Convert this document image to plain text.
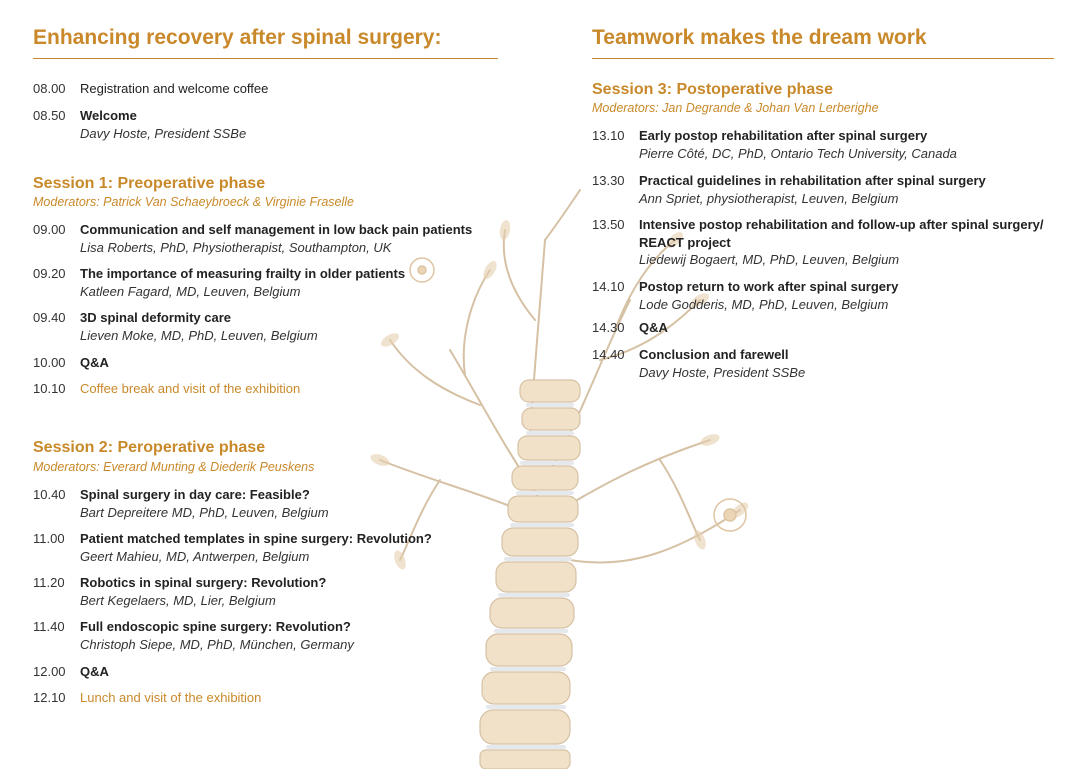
Enhancing recovery after spinal surgery:
08.00	Registration and welcome coffee
08.50	Welcome
Davy Hoste, President SSBe
Session 1: Preoperative phase
Moderators: Patrick Van Schaeybroeck & Virginie Fraselle
09.00	Communication and self management in low back pain patients
Lisa Roberts, PhD, Physiotherapist, Southampton, UK
09.20	The importance of measuring frailty in older patients
Katleen Fagard, MD, Leuven, Belgium
09.40	3D spinal deformity care
Lieven Moke, MD, PhD, Leuven, Belgium
10.00	Q&A
10.10	Coffee break and visit of the exhibition
Session 2: Peroperative phase
Moderators: Everard Munting & Diederik Peuskens
10.40	Spinal surgery in day care: Feasible?
Bart Depreitere MD, PhD, Leuven, Belgium
11.00	Patient matched templates in spine surgery: Revolution?
Geert Mahieu, MD, Antwerpen, Belgium
11.20	Robotics in spinal surgery: Revolution?
Bert Kegelaers, MD, Lier, Belgium
11.40	Full endoscopic spine surgery: Revolution?
Christoph Siepe, MD, PhD, München, Germany
12.00	Q&A
12.10	Lunch and visit of the exhibition
Teamwork makes the dream work
Session 3: Postoperative phase
Moderators: Jan Degrande & Johan Van Lerberighe
13.10	Early postop rehabilitation after spinal surgery
Pierre Côté, DC, PhD, Ontario Tech University, Canada
13.30	Practical guidelines in rehabilitation after spinal surgery
Ann Spriet, physiotherapist, Leuven, Belgium
13.50	Intensive postop rehabilitation and follow-up after spinal surgery/ REACT project
Liedewij Bogaert, MD, PhD, Leuven, Belgium
14.10	Postop return to work after spinal surgery
Lode Godderis, MD, PhD, Leuven, Belgium
14.30	Q&A
14.40	Conclusion and farewell
Davy Hoste, President SSBe
